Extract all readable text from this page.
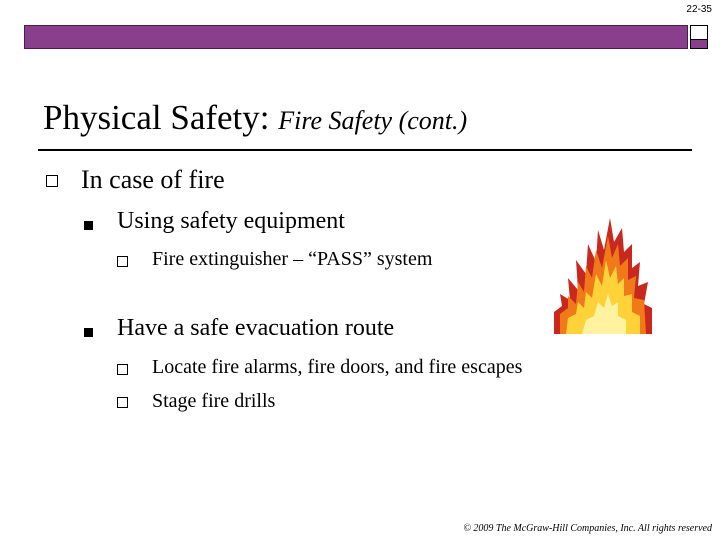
22-35
Physical Safety: Fire Safety (cont.)
In case of fire
Using safety equipment
Fire extinguisher – “PASS” system
Have a safe evacuation route
Locate fire alarms, fire doors, and fire escapes
Stage fire drills
© 2009 The McGraw-Hill Companies, Inc. All rights reserved
